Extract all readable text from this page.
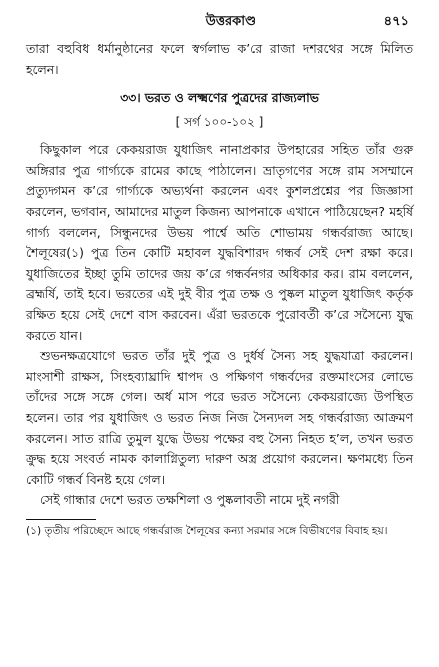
উত্তরকাণ্ড	৪৭১

তারা বহুবিধ ধর্মানুষ্ঠানের ফলে স্বর্গলাভ ক’রে রাজা দশরথের সঙ্গে মিলিত হলেন।

৩৩। ভরত ও লক্ষ্মণের পুত্রদের রাজ্যলাভ
[ সর্গ ১০০-১০২ ]

কিছুকাল পরে কেকয়রাজ যুধাজিৎ নানাপ্রকার উপহারের সহিত তাঁর গুরু অঙ্গিরার পুত্র গার্গ্যকে রামের কাছে পাঠালেন। ভ্রাতৃগণের সঙ্গে রাম সসম্মানে প্রত্যুদ্গমন ক’রে গার্গ্যকে অভ্যর্থনা করলেন এবং কুশলপ্রশ্নের পর জিজ্ঞাসা করলেন, ভগবান, আমাদের মাতুল কিজন্য আপনাকে এখানে পাঠিয়েছেন? মহর্ষি গার্গ্য বললেন, সিন্ধুনদের উভয় পার্শ্বে অতি শোভাময় গন্ধর্বরাজ্য আছে। শৈলূষের(১) পুত্র তিন কোটি মহাবল যুদ্ধবিশারদ গন্ধর্ব সেই দেশ রক্ষা করে। যুধাজিতের ইচ্ছা তুমি তাদের জয় ক’রে গন্ধর্বনগর অধিকার কর। রাম বললেন, ব্রহ্মর্ষি, তাই হবে। ভরতের এই দুই বীর পুত্র তক্ষ ও পুষ্কল মাতুল যুধাজিৎ কর্তৃক রক্ষিত হয়ে সেই দেশে বাস করবেন। এঁরা ভরতকে পুরোবর্তী ক’রে সসৈন্যে যুদ্ধ করতে যান।

শুভনক্ষত্রযোগে ভরত তাঁর দুই পুত্র ও দুর্ধর্ষ সৈন্য সহ যুদ্ধযাত্রা করলেন। মাংসাশী রাক্ষস, সিংহব্যাঘ্রাদি শ্বাপদ ও পক্ষিগণ গন্ধর্বদের রক্তমাংসের লোভে তাঁদের সঙ্গে সঙ্গে গেল। অর্ধ মাস পরে ভরত সসৈন্যে কেকয়রাজ্যে উপস্থিত হলেন। তার পর যুধাজিৎ ও ভরত নিজ নিজ সৈন্যদল সহ গন্ধর্বরাজ্য আক্রমণ করলেন। সাত রাত্রি তুমুল যুদ্ধে উভয় পক্ষের বহু সৈন্য নিহত হ’ল, তখন ভরত ক্রুদ্ধ হয়ে সংবর্ত নামক কালাগ্নিতুল্য দারুণ অস্ত্র প্রয়োগ করলেন। ক্ষণমধ্যে তিন কোটি গন্ধর্ব বিনষ্ট হয়ে গেল।

সেই গান্ধার দেশে ভরত তক্ষশিলা ও পুষ্কলাবতী নামে দুই নগরী

(১) তৃতীয় পরিচ্ছেদে আছে গন্ধর্বরাজ শৈলূষের কন্যা সরমার সঙ্গে বিভীষণের বিবাহ হয়।
